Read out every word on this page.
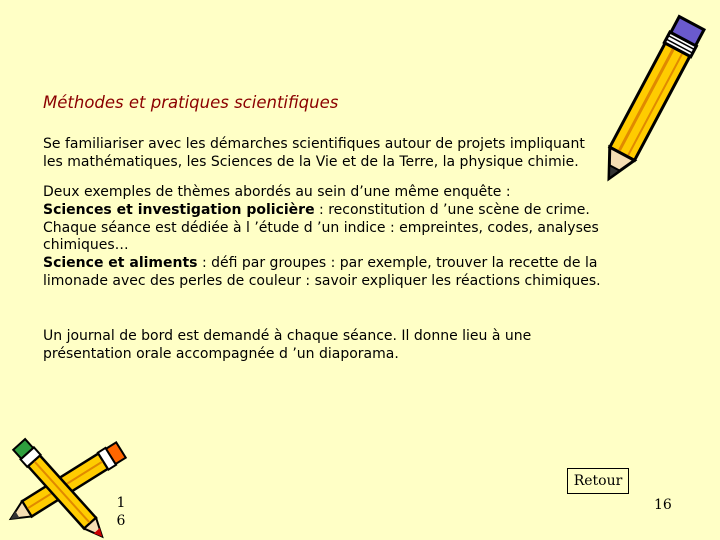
Méthodes et pratiques scientifiques
Se familiariser avec les démarches scientifiques autour de projets impliquant
les mathématiques, les Sciences de la Vie et de la Terre, la physique chimie.
Deux exemples de thèmes abordés au sein d’une même enquête :
Sciences et investigation policière : reconstitution d ’une scène de crime.
Chaque séance est dédiée à l ’étude d ’un indice : empreintes, codes, analyses
chimiques…
Science et aliments : défi par groupes : par exemple, trouver la recette de la
limonade avec des perles de couleur : savoir expliquer les réactions chimiques.
Un journal de bord est demandé à chaque séance. Il donne lieu à une
présentation orale accompagnée d ’un diaporama.
Retour
1
6
16
